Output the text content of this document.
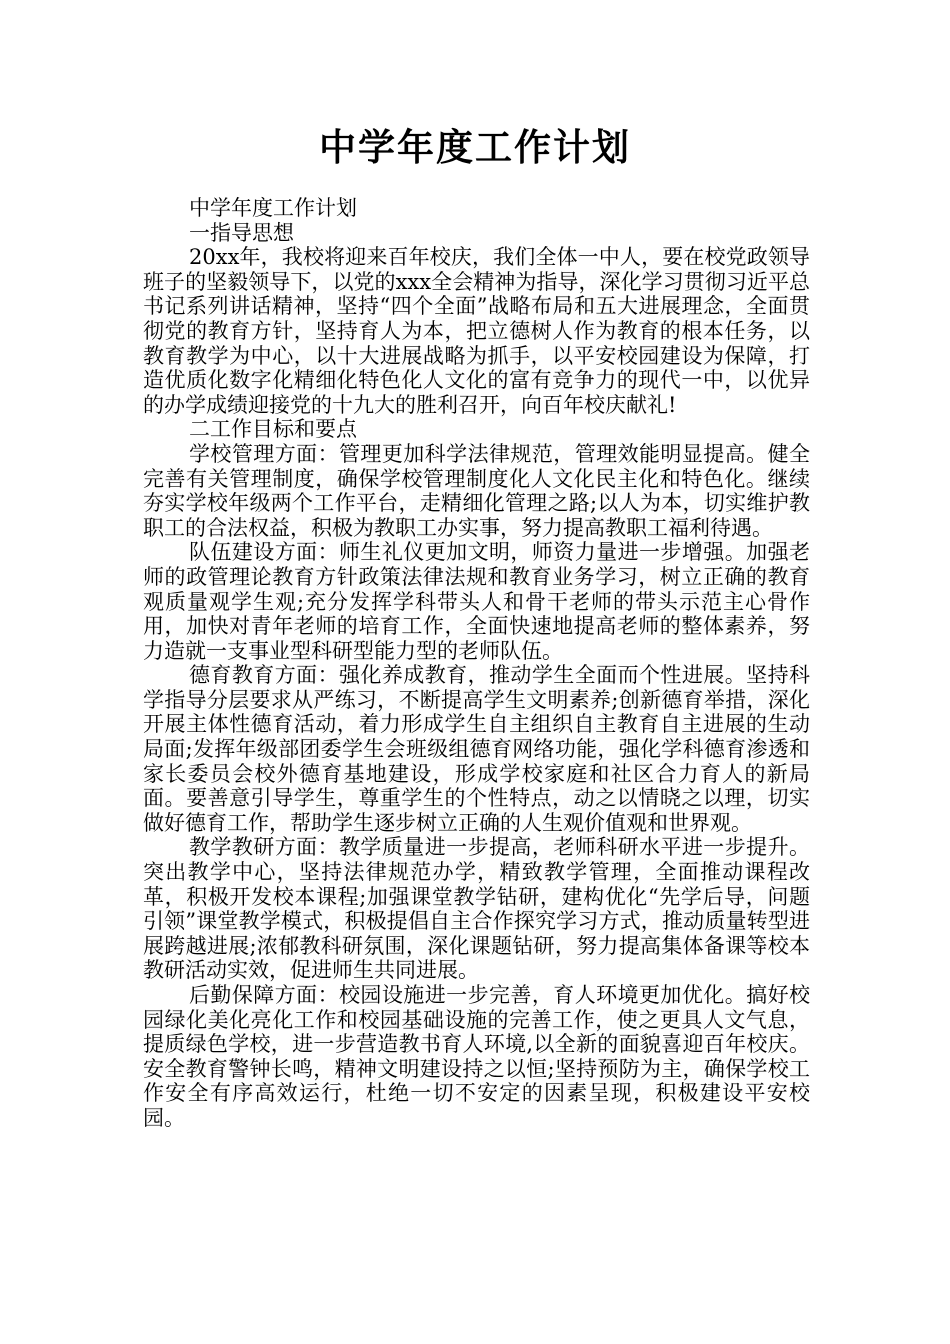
中学年度工作计划

中学年度工作计划

一指导思想

20xx年，我校将迎来百年校庆，我们全体一中人，要在校党政领导班子的坚毅领导下，以党的xxx全会精神为指导，深化学习贯彻习近平总书记系列讲话精神，坚持“四个全面”战略布局和五大进展理念，全面贯彻党的教育方针，坚持育人为本，把立德树人作为教育的根本任务，以教育教学为中心，以十大进展战略为抓手，以平安校园建设为保障，打造优质化数字化精细化特色化人文化的富有竞争力的现代一中，以优异的办学成绩迎接党的十九大的胜利召开，向百年校庆献礼!

二工作目标和要点

学校管理方面：管理更加科学法律规范，管理效能明显提高。健全完善有关管理制度，确保学校管理制度化人文化民主化和特色化。继续夯实学校年级两个工作平台，走精细化管理之路;以人为本，切实维护教职工的合法权益，积极为教职工办实事，努力提高教职工福利待遇。

队伍建设方面：师生礼仪更加文明，师资力量进一步增强。加强老师的政管理论教育方针政策法律法规和教育业务学习，树立正确的教育观质量观学生观;充分发挥学科带头人和骨干老师的带头示范主心骨作用，加快对青年老师的培育工作，全面快速地提高老师的整体素养，努力造就一支事业型科研型能力型的老师队伍。

德育教育方面：强化养成教育，推动学生全面而个性进展。坚持科学指导分层要求从严练习，不断提高学生文明素养;创新德育举措，深化开展主体性德育活动，着力形成学生自主组织自主教育自主进展的生动局面;发挥年级部团委学生会班级组德育网络功能，强化学科德育渗透和家长委员会校外德育基地建设，形成学校家庭和社区合力育人的新局面。要善意引导学生，尊重学生的个性特点，动之以情晓之以理，切实做好德育工作，帮助学生逐步树立正确的人生观价值观和世界观。

教学教研方面：教学质量进一步提高，老师科研水平进一步提升。突出教学中心，坚持法律规范办学，精致教学管理，全面推动课程改革，积极开发校本课程;加强课堂教学钻研，建构优化“先学后导，问题引领”课堂教学模式，积极提倡自主合作探究学习方式，推动质量转型进展跨越进展;浓郁教科研氛围，深化课题钻研，努力提高集体备课等校本教研活动实效，促进师生共同进展。

后勤保障方面：校园设施进一步完善，育人环境更加优化。搞好校园绿化美化亮化工作和校园基础设施的完善工作，使之更具人文气息，提质绿色学校，进一步营造教书育人环境,以全新的面貌喜迎百年校庆。安全教育警钟长鸣，精神文明建设持之以恒;坚持预防为主，确保学校工作安全有序高效运行，杜绝一切不安定的因素呈现，积极建设平安校园。
